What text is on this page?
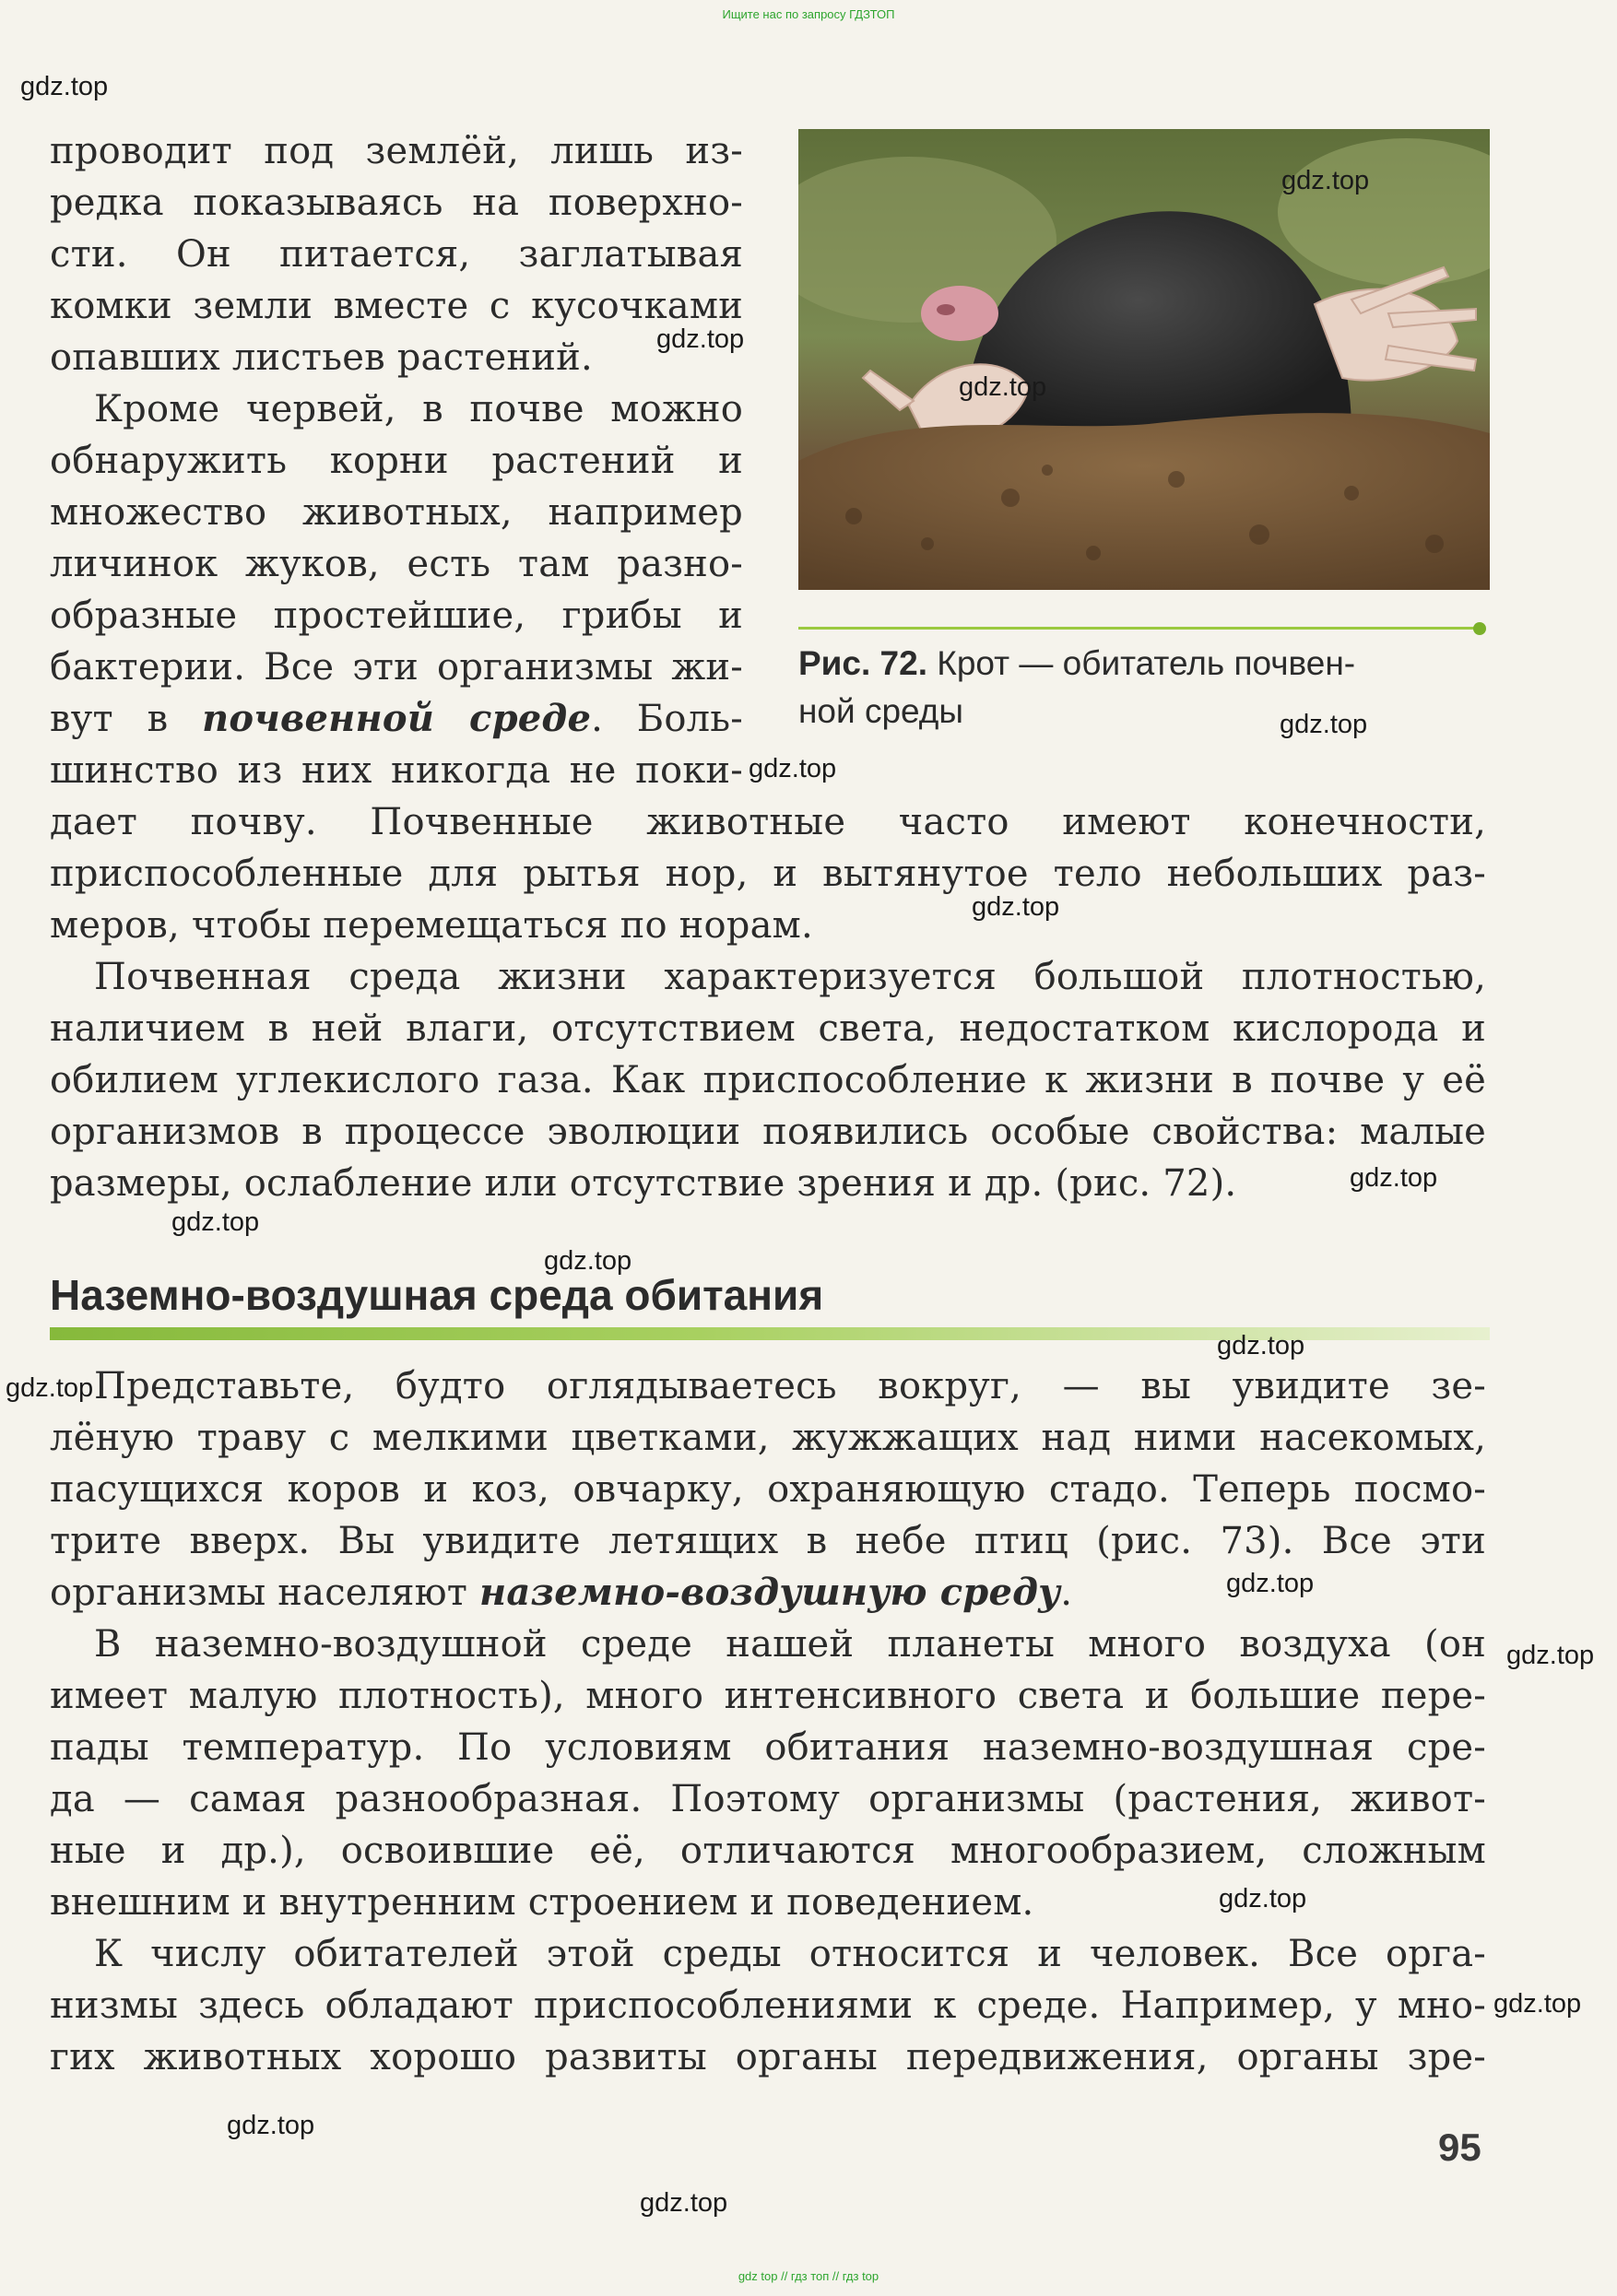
Ищите нас по запросу ГДЗТОП
проводит под землёй, лишь из-
редка показываясь на поверхно-
сти. Он питается, заглатывая
комки земли вместе с кусочками
опавших листьев растений.
Кроме червей, в почве можно
обнаружить корни растений и
множество животных, например
личинок жуков, есть там разно-
образные простейшие, грибы и
бактерии. Все эти организмы жи-
вут в почвенной среде. Боль-
шинство из них никогда не поки-
Рис. 72. Крот — обитатель почвен-
ной среды
дает почву. Почвенные животные часто имеют конечности,
приспособленные для рытья нор, и вытянутое тело небольших раз-
меров, чтобы перемещаться по норам.
Почвенная среда жизни характеризуется большой плотностью,
наличием в ней влаги, отсутствием света, недостатком кислорода и
обилием углекислого газа. Как приспособление к жизни в почве у её
организмов в процессе эволюции появились особые свойства: малые
размеры, ослабление или отсутствие зрения и др. (рис. 72).
Наземно-воздушная среда обитания
Представьте, будто оглядываетесь вокруг, — вы увидите зе-
лёную траву с мелкими цветками, жужжащих над ними насекомых,
пасущихся коров и коз, овчарку, охраняющую стадо. Теперь посмо-
трите вверх. Вы увидите летящих в небе птиц (рис. 73). Все эти
организмы населяют наземно-воздушную среду.
В наземно-воздушной среде нашей планеты много воздуха (он
имеет малую плотность), много интенсивного света и большие пере-
пады температур. По условиям обитания наземно-воздушная сре-
да — самая разнообразная. Поэтому организмы (растения, живот-
ные и др.), освоившие её, отличаются многообразием, сложным
внешним и внутренним строением и поведением.
К числу обитателей этой среды относится и человек. Все орга-
низмы здесь обладают приспособлениями к среде. Например, у мно-
гих животных хорошо развиты органы передвижения, органы зре-
95
gdz.top
gdz.top
gdz.top
gdz.top
gdz.top
gdz.top
gdz.top
gdz.top
gdz.top
gdz.top
gdz.top
gdz.top
gdz.top
gdz.top
gdz.top
gdz.top
gdz.top
gdz.top
gdz top // гдз топ // гдз top
